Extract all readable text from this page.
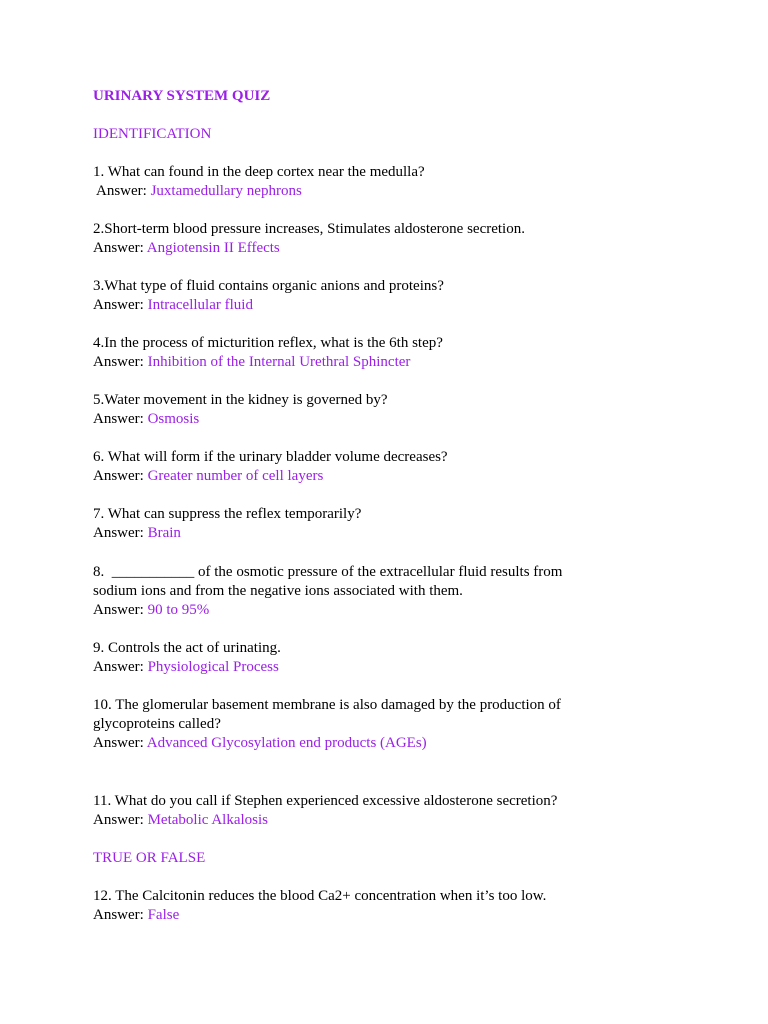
URINARY SYSTEM QUIZ
IDENTIFICATION
1. What can found in the deep cortex near the medulla?
Answer: Juxtamedullary nephrons
2.Short-term blood pressure increases, Stimulates aldosterone secretion.
Answer: Angiotensin II Effects
3.What type of fluid contains organic anions and proteins?
Answer: Intracellular fluid
4.In the process of micturition reflex, what is the 6th step?
Answer: Inhibition of the Internal Urethral Sphincter
5.Water movement in the kidney is governed by?
Answer: Osmosis
6. What will form if the urinary bladder volume decreases?
Answer: Greater number of cell layers
7. What can suppress the reflex temporarily?
Answer: Brain
8.  ___________ of the osmotic pressure of the extracellular fluid results from
sodium ions and from the negative ions associated with them.
Answer: 90 to 95%
9. Controls the act of urinating.
Answer: Physiological Process
10. The glomerular basement membrane is also damaged by the production of
glycoproteins called?
Answer: Advanced Glycosylation end products (AGEs)
11. What do you call if Stephen experienced excessive aldosterone secretion?
Answer: Metabolic Alkalosis
TRUE OR FALSE
12. The Calcitonin reduces the blood Ca2+ concentration when it’s too low.
Answer: False
